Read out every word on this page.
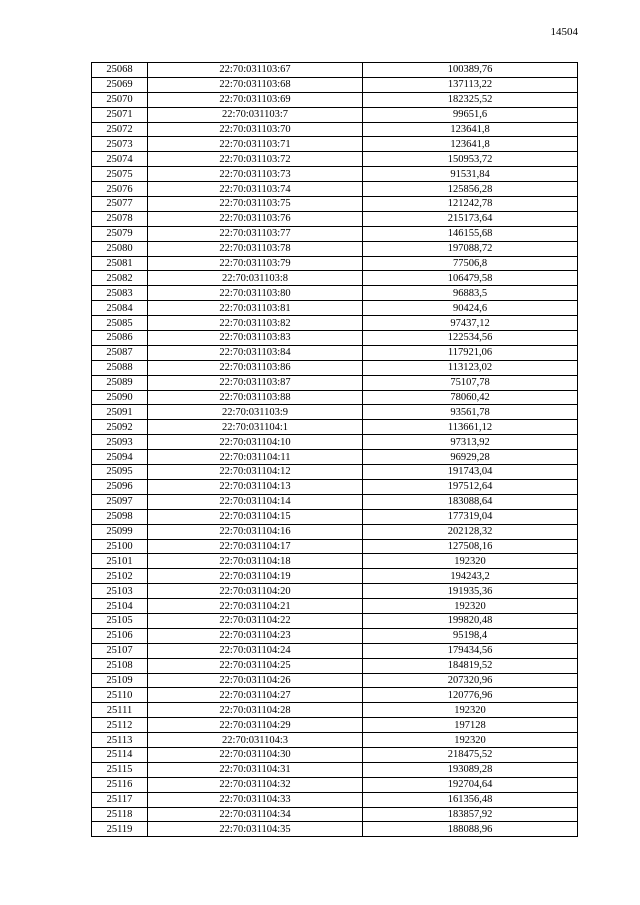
14504
25068	22:70:031103:67	100389,76
25069	22:70:031103:68	137113,22
25070	22:70:031103:69	182325,52
25071	22:70:031103:7	99651,6
25072	22:70:031103:70	123641,8
25073	22:70:031103:71	123641,8
25074	22:70:031103:72	150953,72
25075	22:70:031103:73	91531,84
25076	22:70:031103:74	125856,28
25077	22:70:031103:75	121242,78
25078	22:70:031103:76	215173,64
25079	22:70:031103:77	146155,68
25080	22:70:031103:78	197088,72
25081	22:70:031103:79	77506,8
25082	22:70:031103:8	106479,58
25083	22:70:031103:80	96883,5
25084	22:70:031103:81	90424,6
25085	22:70:031103:82	97437,12
25086	22:70:031103:83	122534,56
25087	22:70:031103:84	117921,06
25088	22:70:031103:86	113123,02
25089	22:70:031103:87	75107,78
25090	22:70:031103:88	78060,42
25091	22:70:031103:9	93561,78
25092	22:70:031104:1	113661,12
25093	22:70:031104:10	97313,92
25094	22:70:031104:11	96929,28
25095	22:70:031104:12	191743,04
25096	22:70:031104:13	197512,64
25097	22:70:031104:14	183088,64
25098	22:70:031104:15	177319,04
25099	22:70:031104:16	202128,32
25100	22:70:031104:17	127508,16
25101	22:70:031104:18	192320
25102	22:70:031104:19	194243,2
25103	22:70:031104:20	191935,36
25104	22:70:031104:21	192320
25105	22:70:031104:22	199820,48
25106	22:70:031104:23	95198,4
25107	22:70:031104:24	179434,56
25108	22:70:031104:25	184819,52
25109	22:70:031104:26	207320,96
25110	22:70:031104:27	120776,96
25111	22:70:031104:28	192320
25112	22:70:031104:29	197128
25113	22:70:031104:3	192320
25114	22:70:031104:30	218475,52
25115	22:70:031104:31	193089,28
25116	22:70:031104:32	192704,64
25117	22:70:031104:33	161356,48
25118	22:70:031104:34	183857,92
25119	22:70:031104:35	188088,96
